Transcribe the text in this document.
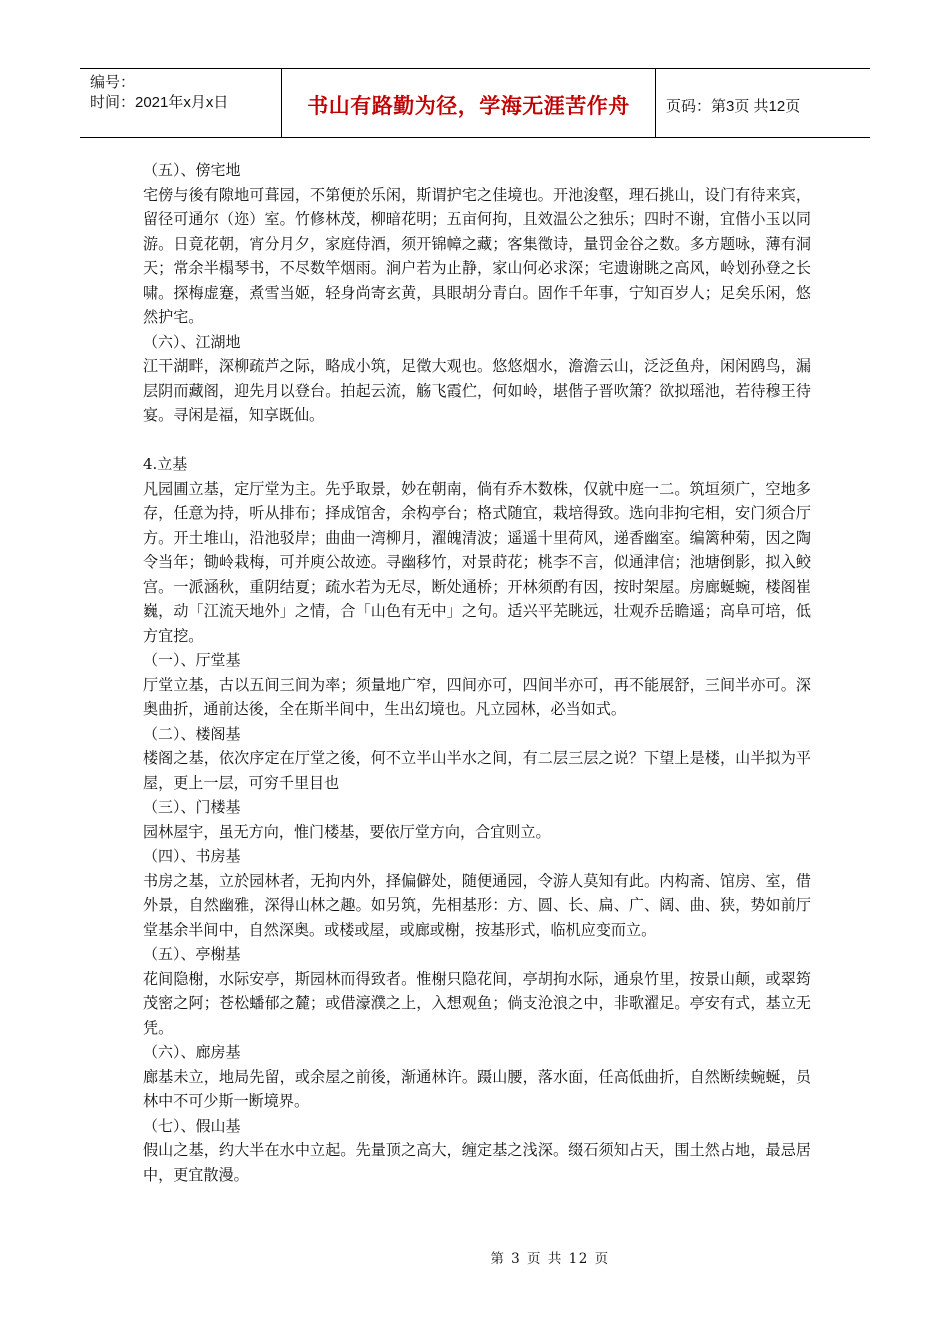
编号：
时间：2021年x月x日	书山有路勤为径，学海无涯苦作舟	页码：第3页 共12页

（五）、傍宅地

宅傍与後有隙地可葺园，不第便於乐闲，斯谓护宅之佳境也。开池浚壑，理石挑山，设门有待来宾，留径可通尔（迩）室。竹修林茂，柳暗花明；五亩何拘，且效温公之独乐；四时不谢，宜偕小玉以同游。日竟花朝，宵分月夕，家庭侍酒，须开锦幛之藏；客集徵诗，量罚金谷之数。多方题咏，薄有洞天；常余半榻琴书，不尽数竿烟雨。涧户若为止静，家山何必求深；宅遗谢眺之高风，岭划孙登之长啸。探梅虚蹇，煮雪当姬，轻身尚寄玄黄，具眼胡分青白。固作千年事，宁知百岁人；足矣乐闲，悠然护宅。

（六）、江湖地

江干湖畔，深柳疏芦之际，略成小筑，足徵大观也。悠悠烟水，澹澹云山，泛泛鱼舟，闲闲鸥鸟，漏层阴而藏阁，迎先月以登台。拍起云流，觞飞霞伫，何如岭，堪偕子晋吹箫？欲拟瑶池，若待穆王待宴。寻闲是福，知享既仙。

4.立基

凡园圃立基，定厅堂为主。先乎取景，妙在朝南，倘有乔木数株，仅就中庭一二。筑垣须广，空地多存，任意为持，听从排布；择成馆舍，余构亭台；格式随宜，栽培得致。选向非拘宅相，安门须合厅方。开土堆山，沿池驳岸；曲曲一湾柳月，濯魄清波；遥遥十里荷风，递香幽室。编篱种菊，因之陶令当年；锄岭栽梅，可并庾公故迹。寻幽移竹，对景莳花；桃李不言，似通津信；池塘倒影，拟入鲛宫。一派涵秋，重阴结夏；疏水若为无尽，断处通桥；开林须酌有因，按时架屋。房廊蜒蜿，楼阁崔巍，动「江流天地外」之情，合「山色有无中」之句。适兴平芜眺远，壮观乔岳瞻遥；高阜可培，低方宜挖。

（一）、厅堂基

厅堂立基，古以五间三间为率；须量地广窄，四间亦可，四间半亦可，再不能展舒，三间半亦可。深奥曲折，通前达後，全在斯半间中，生出幻境也。凡立园林，必当如式。

（二）、楼阁基

楼阁之基，依次序定在厅堂之後，何不立半山半水之间，有二层三层之说？下望上是楼，山半拟为平屋，更上一层，可穷千里目也

（三）、门楼基

园林屋宇，虽无方向，惟门楼基，要依厅堂方向，合宜则立。

（四）、书房基

书房之基，立於园林者，无拘内外，择偏僻处，随便通园，令游人莫知有此。内构斋、馆房、室，借外景，自然幽雅，深得山林之趣。如另筑，先相基形：方、圆、长、扁、广、阔、曲、狭，势如前厅堂基余半间中，自然深奥。或楼或屋，或廊或榭，按基形式，临机应变而立。

（五）、亭榭基

花间隐榭，水际安亭，斯园林而得致者。惟榭只隐花间，亭胡拘水际，通泉竹里，按景山颠，或翠筠茂密之阿；苍松蟠郁之麓；或借濠濮之上，入想观鱼；倘支沧浪之中，非歌濯足。亭安有式，基立无凭。

（六）、廊房基

廊基未立，地局先留，或余屋之前後，渐通林许。蹑山腰，落水面，任高低曲折，自然断续蜿蜒，员林中不可少斯一断境界。

（七）、假山基

假山之基，约大半在水中立起。先量顶之高大，缠定基之浅深。缀石须知占天，围土然占地，最忌居中，更宜散漫。

第 3 页 共 12 页
